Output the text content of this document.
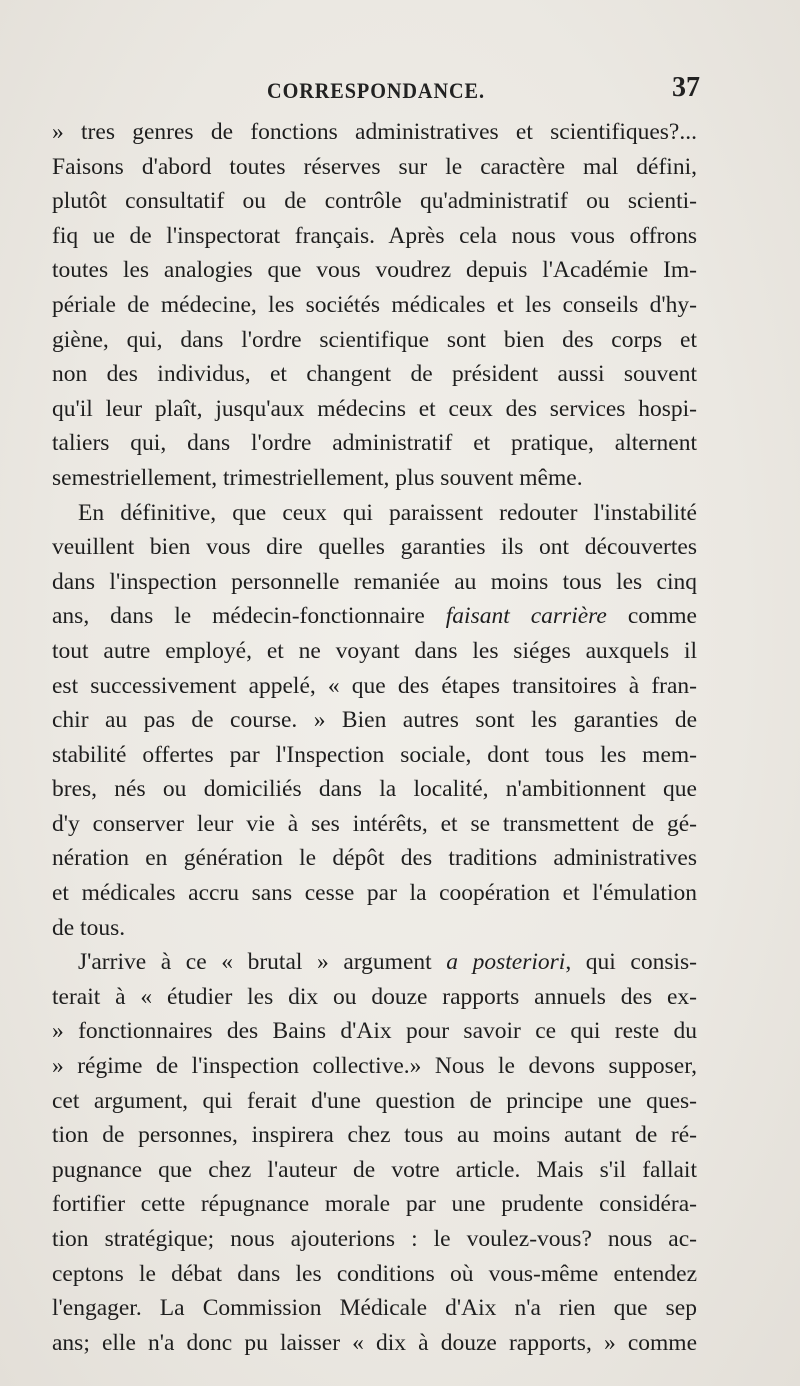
CORRESPONDANCE.	37
» tres genres de fonctions administratives et scientifiques?...
Faisons d'abord toutes réserves sur le caractère mal défini,
plutôt consultatif ou de contrôle qu'administratif ou scienti-
fiq ue de l'inspectorat français. Après cela nous vous offrons
toutes les analogies que vous voudrez depuis l'Académie Im-
périale de médecine, les sociétés médicales et les conseils d'hy-
giène, qui, dans l'ordre scientifique sont bien des corps et
non des individus, et changent de président aussi souvent
qu'il leur plaît, jusqu'aux médecins et ceux des services hospi-
taliers qui, dans l'ordre administratif et pratique, alternent
semestriellement, trimestriellement, plus souvent même.
En définitive, que ceux qui paraissent redouter l'instabilité
veuillent bien vous dire quelles garanties ils ont découvertes
dans l'inspection personnelle remaniée au moins tous les cinq
ans, dans le médecin-fonctionnaire faisant carrière comme
tout autre employé, et ne voyant dans les siéges auxquels il
est successivement appelé, « que des étapes transitoires à fran-
chir au pas de course. » Bien autres sont les garanties de
stabilité offertes par l'Inspection sociale, dont tous les mem-
bres, nés ou domiciliés dans la localité, n'ambitionnent que
d'y conserver leur vie à ses intérêts, et se transmettent de gé-
nération en génération le dépôt des traditions administratives
et médicales accru sans cesse par la coopération et l'émulation
de tous.
J'arrive à ce « brutal » argument a posteriori, qui consis-
terait à « étudier les dix ou douze rapports annuels des ex-
» fonctionnaires des Bains d'Aix pour savoir ce qui reste du
» régime de l'inspection collective.» Nous le devons supposer,
cet argument, qui ferait d'une question de principe une ques-
tion de personnes, inspirera chez tous au moins autant de ré-
pugnance que chez l'auteur de votre article. Mais s'il fallait
fortifier cette répugnance morale par une prudente considéra-
tion stratégique; nous ajouterions : le voulez-vous? nous ac-
ceptons le débat dans les conditions où vous-même entendez
l'engager. La Commission Médicale d'Aix n'a rien que sep
ans; elle n'a donc pu laisser « dix à douze rapports, » comme
